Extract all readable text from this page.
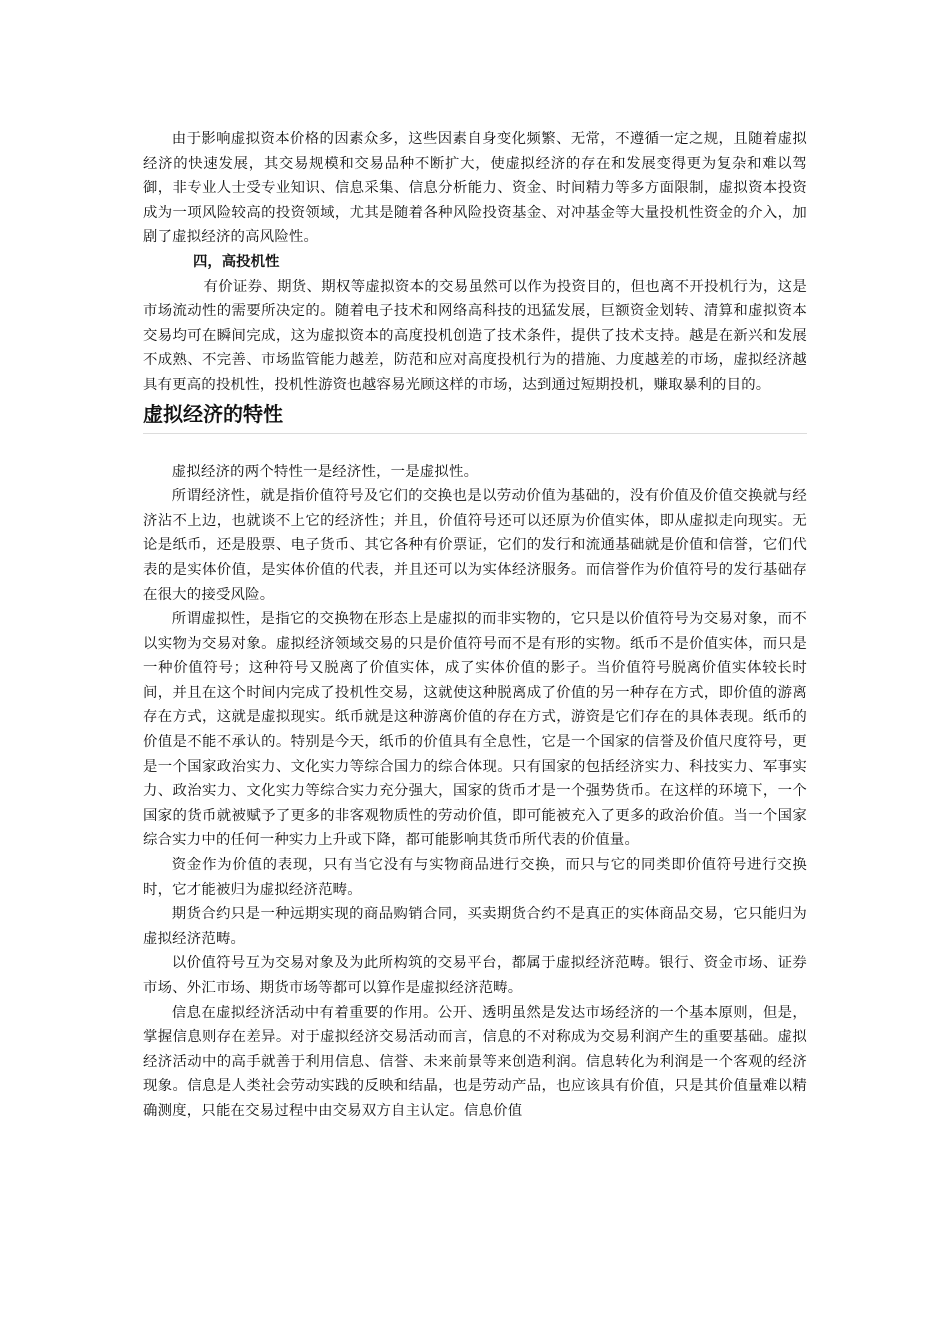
由于影响虚拟资本价格的因素众多，这些因素自身变化频繁、无常，不遵循一定之规，且随着虚拟经济的快速发展，其交易规模和交易品种不断扩大，使虚拟经济的存在和发展变得更为复杂和难以驾御，非专业人士受专业知识、信息采集、信息分析能力、资金、时间精力等多方面限制，虚拟资本投资成为一项风险较高的投资领域，尤其是随着各种风险投资基金、对冲基金等大量投机性资金的介入，加剧了虚拟经济的高风险性。

四，高投机性

有价证券、期货、期权等虚拟资本的交易虽然可以作为投资目的，但也离不开投机行为，这是市场流动性的需要所决定的。随着电子技术和网络高科技的迅猛发展，巨额资金划转、清算和虚拟资本交易均可在瞬间完成，这为虚拟资本的高度投机创造了技术条件，提供了技术支持。越是在新兴和发展不成熟、不完善、市场监管能力越差，防范和应对高度投机行为的措施、力度越差的市场，虚拟经济越具有更高的投机性，投机性游资也越容易光顾这样的市场，达到通过短期投机，赚取暴利的目的。

虚拟经济的特性

虚拟经济的两个特性一是经济性，一是虚拟性。

所谓经济性，就是指价值符号及它们的交换也是以劳动价值为基础的，没有价值及价值交换就与经济沾不上边，也就谈不上它的经济性；并且，价值符号还可以还原为价值实体，即从虚拟走向现实。无论是纸币，还是股票、电子货币、其它各种有价票证，它们的发行和流通基础就是价值和信誉，它们代表的是实体价值，是实体价值的代表，并且还可以为实体经济服务。而信誉作为价值符号的发行基础存在很大的接受风险。

所谓虚拟性，是指它的交换物在形态上是虚拟的而非实物的，它只是以价值符号为交易对象，而不以实物为交易对象。虚拟经济领域交易的只是价值符号而不是有形的实物。纸币不是价值实体，而只是一种价值符号；这种符号又脱离了价值实体，成了实体价值的影子。当价值符号脱离价值实体较长时间，并且在这个时间内完成了投机性交易，这就使这种脱离成了价值的另一种存在方式，即价值的游离存在方式，这就是虚拟现实。纸币就是这种游离价值的存在方式，游资是它们存在的具体表现。纸币的价值是不能不承认的。特别是今天，纸币的价值具有全息性，它是一个国家的信誉及价值尺度符号，更是一个国家政治实力、文化实力等综合国力的综合体现。只有国家的包括经济实力、科技实力、军事实力、政治实力、文化实力等综合实力充分强大，国家的货币才是一个强势货币。在这样的环境下，一个国家的货币就被赋予了更多的非客观物质性的劳动价值，即可能被充入了更多的政治价值。当一个国家综合实力中的任何一种实力上升或下降，都可能影响其货币所代表的价值量。

资金作为价值的表现，只有当它没有与实物商品进行交换，而只与它的同类即价值符号进行交换时，它才能被归为虚拟经济范畴。

期货合约只是一种远期实现的商品购销合同，买卖期货合约不是真正的实体商品交易，它只能归为虚拟经济范畴。

以价值符号互为交易对象及为此所构筑的交易平台，都属于虚拟经济范畴。银行、资金市场、证券市场、外汇市场、期货市场等都可以算作是虚拟经济范畴。

信息在虚拟经济活动中有着重要的作用。公开、透明虽然是发达市场经济的一个基本原则，但是，掌握信息则存在差异。对于虚拟经济交易活动而言，信息的不对称成为交易利润产生的重要基础。虚拟经济活动中的高手就善于利用信息、信誉、未来前景等来创造利润。信息转化为利润是一个客观的经济现象。信息是人类社会劳动实践的反映和结晶，也是劳动产品，也应该具有价值，只是其价值量难以精确测度，只能在交易过程中由交易双方自主认定。信息价值
